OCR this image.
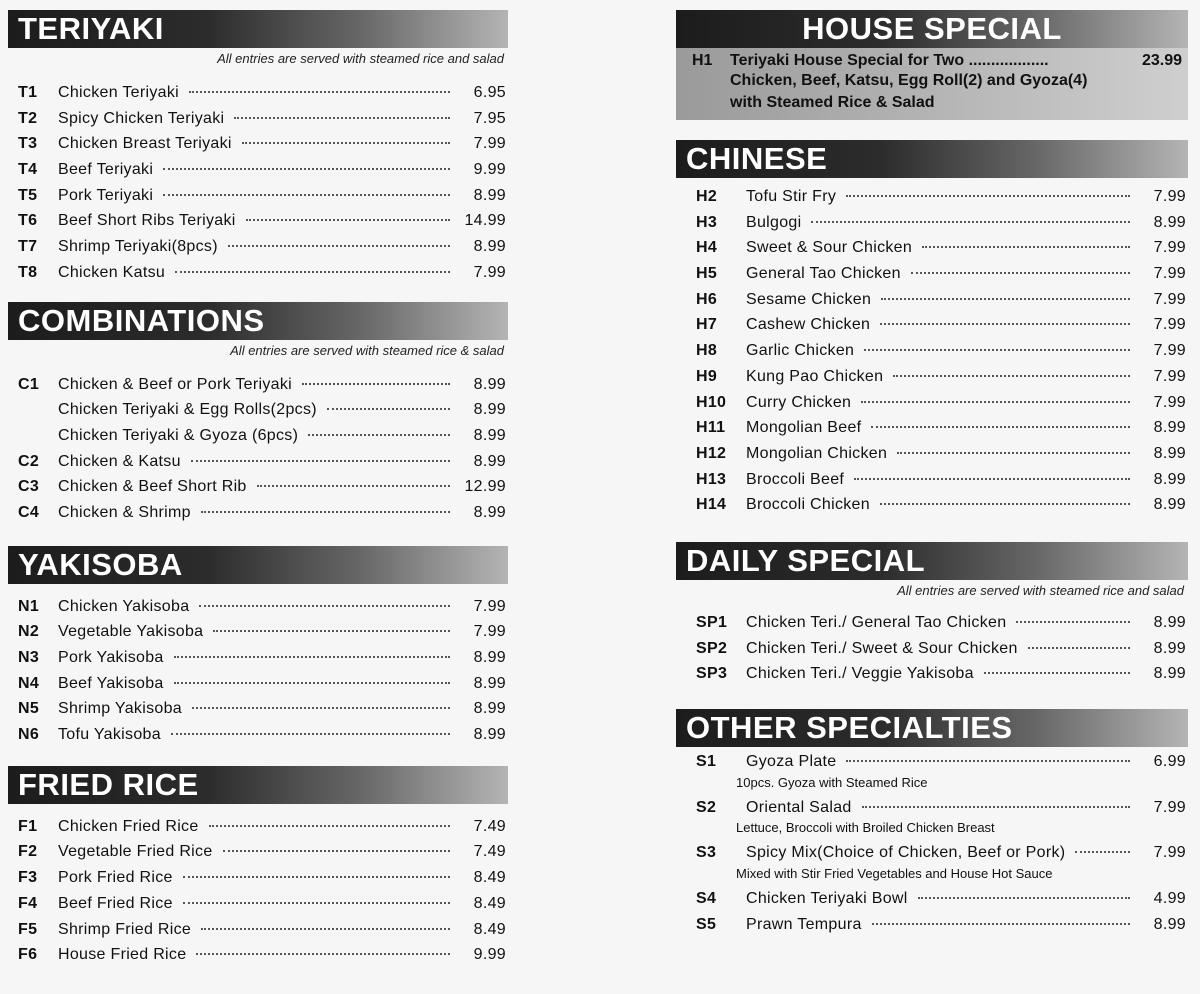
TERIYAKI
All entries are served with steamed rice and salad
T1	Chicken Teriyaki	6.95
T2	Spicy Chicken Teriyaki	7.95
T3	Chicken Breast Teriyaki	7.99
T4	Beef Teriyaki	9.99
T5	Pork Teriyaki	8.99
T6	Beef Short Ribs Teriyaki	14.99
T7	Shrimp Teriyaki(8pcs)	8.99
T8	Chicken Katsu	7.99
COMBINATIONS
All entries are served with steamed rice & salad
C1	Chicken & Beef or Pork Teriyaki	8.99
Chicken Teriyaki & Egg Rolls(2pcs)	8.99
Chicken Teriyaki & Gyoza (6pcs)	8.99
C2	Chicken & Katsu	8.99
C3	Chicken & Beef Short Rib	12.99
C4	Chicken & Shrimp	8.99
YAKISOBA
N1	Chicken Yakisoba	7.99
N2	Vegetable Yakisoba	7.99
N3	Pork Yakisoba	8.99
N4	Beef Yakisoba	8.99
N5	Shrimp Yakisoba	8.99
N6	Tofu Yakisoba	8.99
FRIED RICE
F1	Chicken Fried Rice	7.49
F2	Vegetable Fried Rice	7.49
F3	Pork Fried Rice	8.49
F4	Beef Fried Rice	8.49
F5	Shrimp Fried Rice	8.49
F6	House Fried Rice	9.99
HOUSE SPECIAL
H1	Teriyaki House Special for Two ..................	23.99
Chicken, Beef, Katsu, Egg Roll(2) and Gyoza(4)
with Steamed Rice & Salad
CHINESE
H2	Tofu Stir Fry	7.99
H3	Bulgogi	8.99
H4	Sweet & Sour Chicken	7.99
H5	General Tao Chicken	7.99
H6	Sesame Chicken	7.99
H7	Cashew Chicken	7.99
H8	Garlic Chicken	7.99
H9	Kung Pao Chicken	7.99
H10	Curry Chicken	7.99
H11	Mongolian Beef	8.99
H12	Mongolian Chicken	8.99
H13	Broccoli Beef	8.99
H14	Broccoli Chicken	8.99
DAILY SPECIAL
All entries are served with steamed rice and salad
SP1	Chicken Teri./ General Tao Chicken	8.99
SP2	Chicken Teri./ Sweet & Sour Chicken	8.99
SP3	Chicken Teri./ Veggie Yakisoba	8.99
OTHER SPECIALTIES
S1	Gyoza Plate	6.99
10pcs. Gyoza with Steamed Rice
S2	Oriental Salad	7.99
Lettuce, Broccoli with Broiled Chicken Breast
S3	Spicy Mix(Choice of Chicken, Beef or Pork)	7.99
Mixed with Stir Fried Vegetables and House Hot Sauce
S4	Chicken Teriyaki Bowl	4.99
S5	Prawn Tempura	8.99
